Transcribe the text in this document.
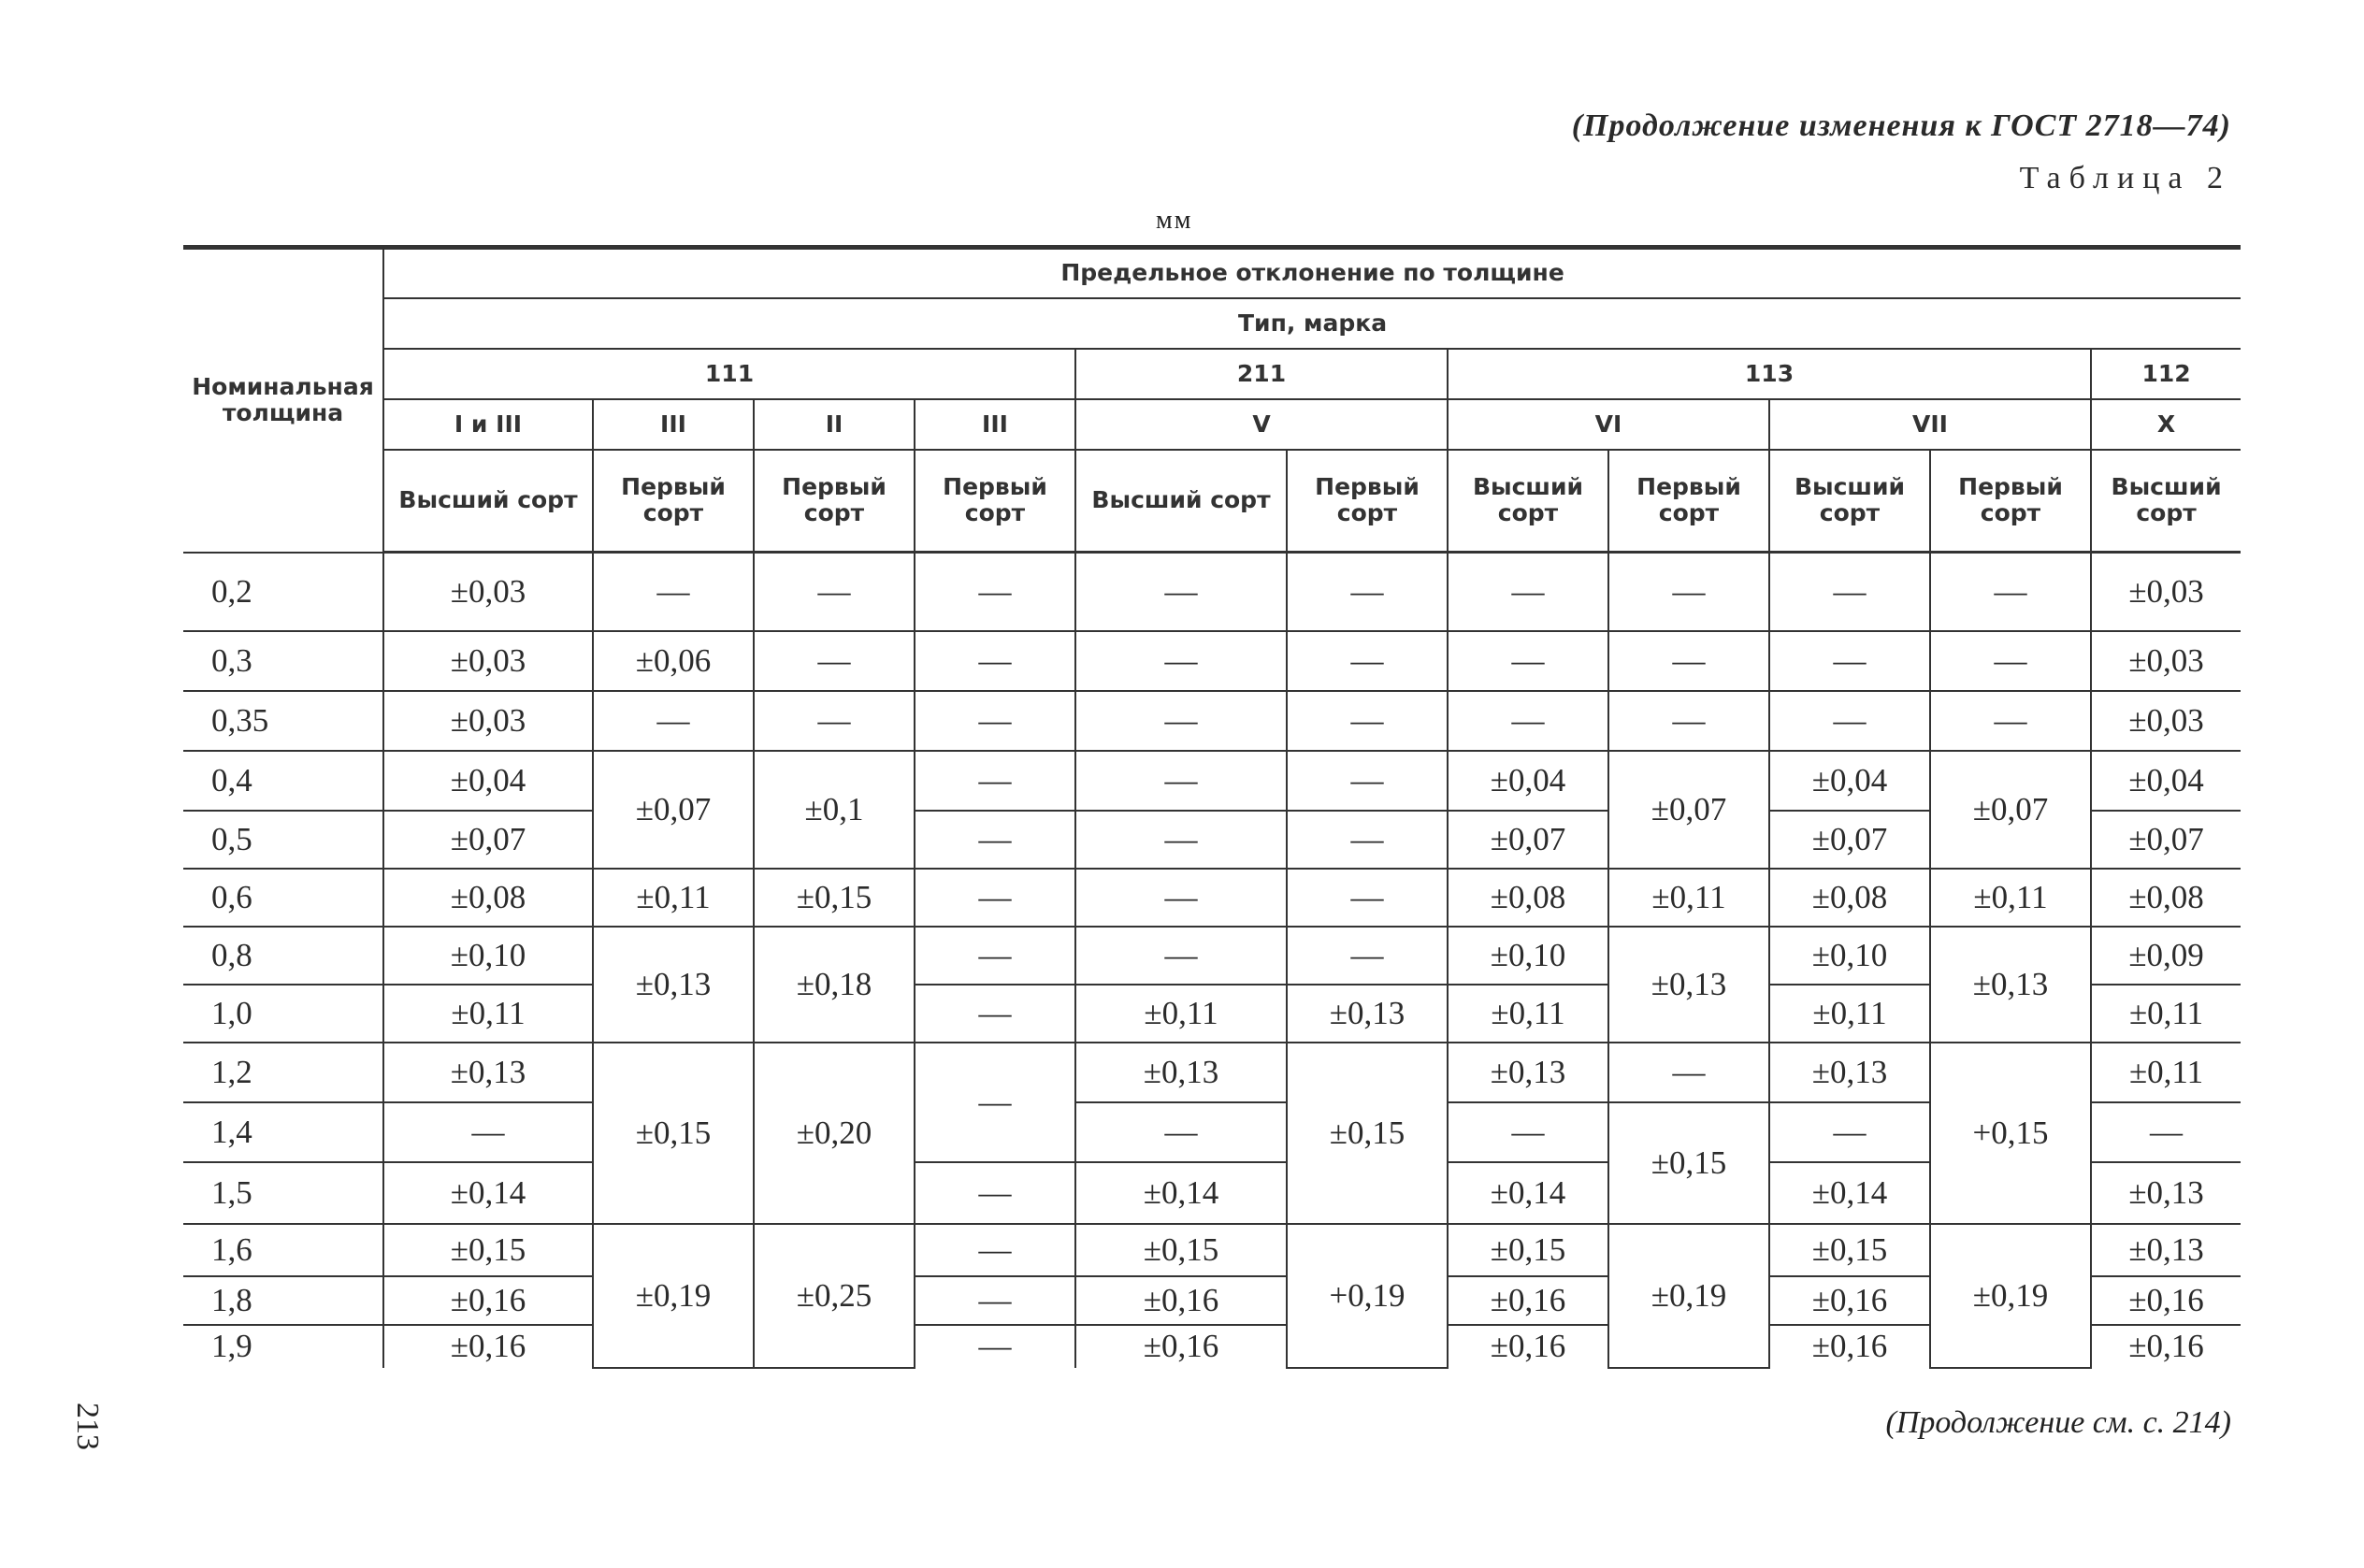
(Продолжение изменения к ГОСТ 2718—74)
Таблица 2
мм
Номинальная толщина	Предельное отклонение по толщине										
	Тип, марка										
	111				211		113				112
	I и III	III	II	III	V		VI		VII		X
	Высший сорт	Первый сорт	Первый сорт	Первый сорт	Высший сорт	Первый сорт	Высший сорт	Первый сорт	Высший сорт	Первый сорт	Высший сорт
0,2	±0,03	—	—	—	—	—	—	—	—	—	±0,03
0,3	±0,03	±0,06	—	—	—	—	—	—	—	—	±0,03
0,35	±0,03	—	—	—	—	—	—	—	—	—	±0,03
0,4	±0,04	±0,07	±0,1	—	—	—	±0,04	±0,07	±0,04	±0,07	±0,04
0,5	±0,07			—	—	—	±0,07		±0,07		±0,07
0,6	±0,08	±0,11	±0,15	—	—	—	±0,08	±0,11	±0,08	±0,11	±0,08
0,8	±0,10	±0,13	±0,18	—	—	—	±0,10	±0,13	±0,10	±0,13	±0,09
1,0	±0,11			—	±0,11	±0,13	±0,11		±0,11		±0,11
1,2	±0,13	±0,15	±0,20	—	±0,13	±0,15	±0,13	—	±0,13	+0,15	±0,11
1,4	—				—		—	±0,15	—		—
1,5	±0,14			—	±0,14		±0,14		±0,14		±0,13
1,6	±0,15	±0,19	±0,25	—	±0,15	+0,19	±0,15	±0,19	±0,15	±0,19	±0,13
1,8	±0,16			—	±0,16		±0,16		±0,16		±0,16
1,9	±0,16			—	±0,16		±0,16		±0,16		±0,16
213	(Продолжение см. с. 214)
